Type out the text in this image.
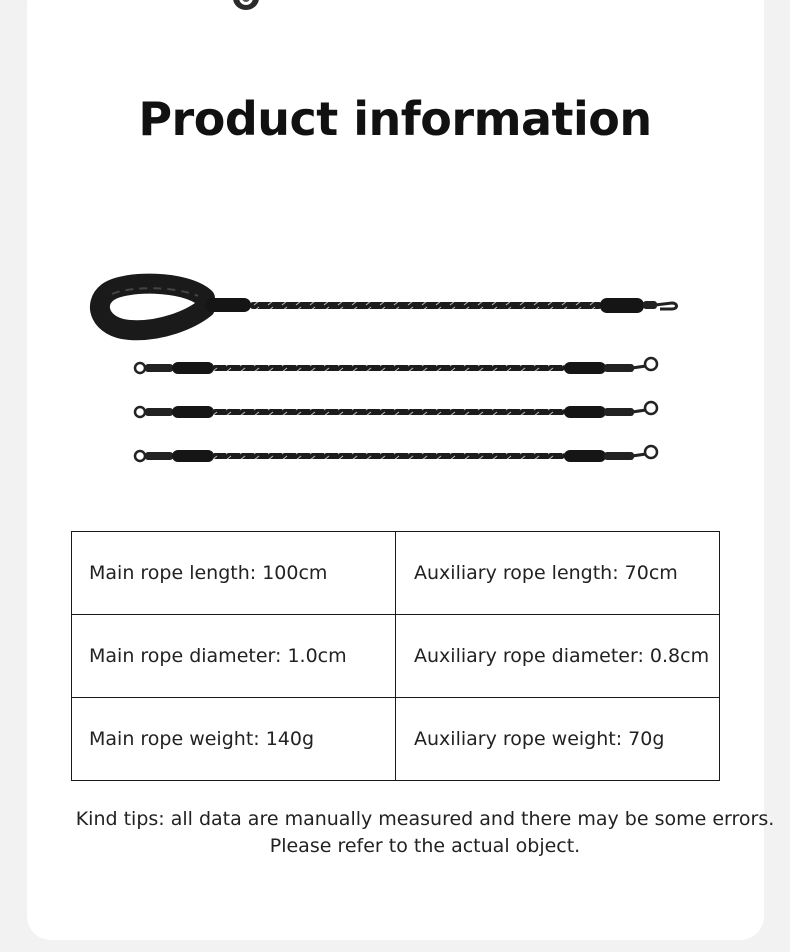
Product information
Main rope length: 100cm	Auxiliary rope length: 70cm
Main rope diameter: 1.0cm	Auxiliary rope diameter: 0.8cm
Main rope weight: 140g	Auxiliary rope weight: 70g
Kind tips: all data are manually measured and there may be some errors.
Please refer to the actual object.
